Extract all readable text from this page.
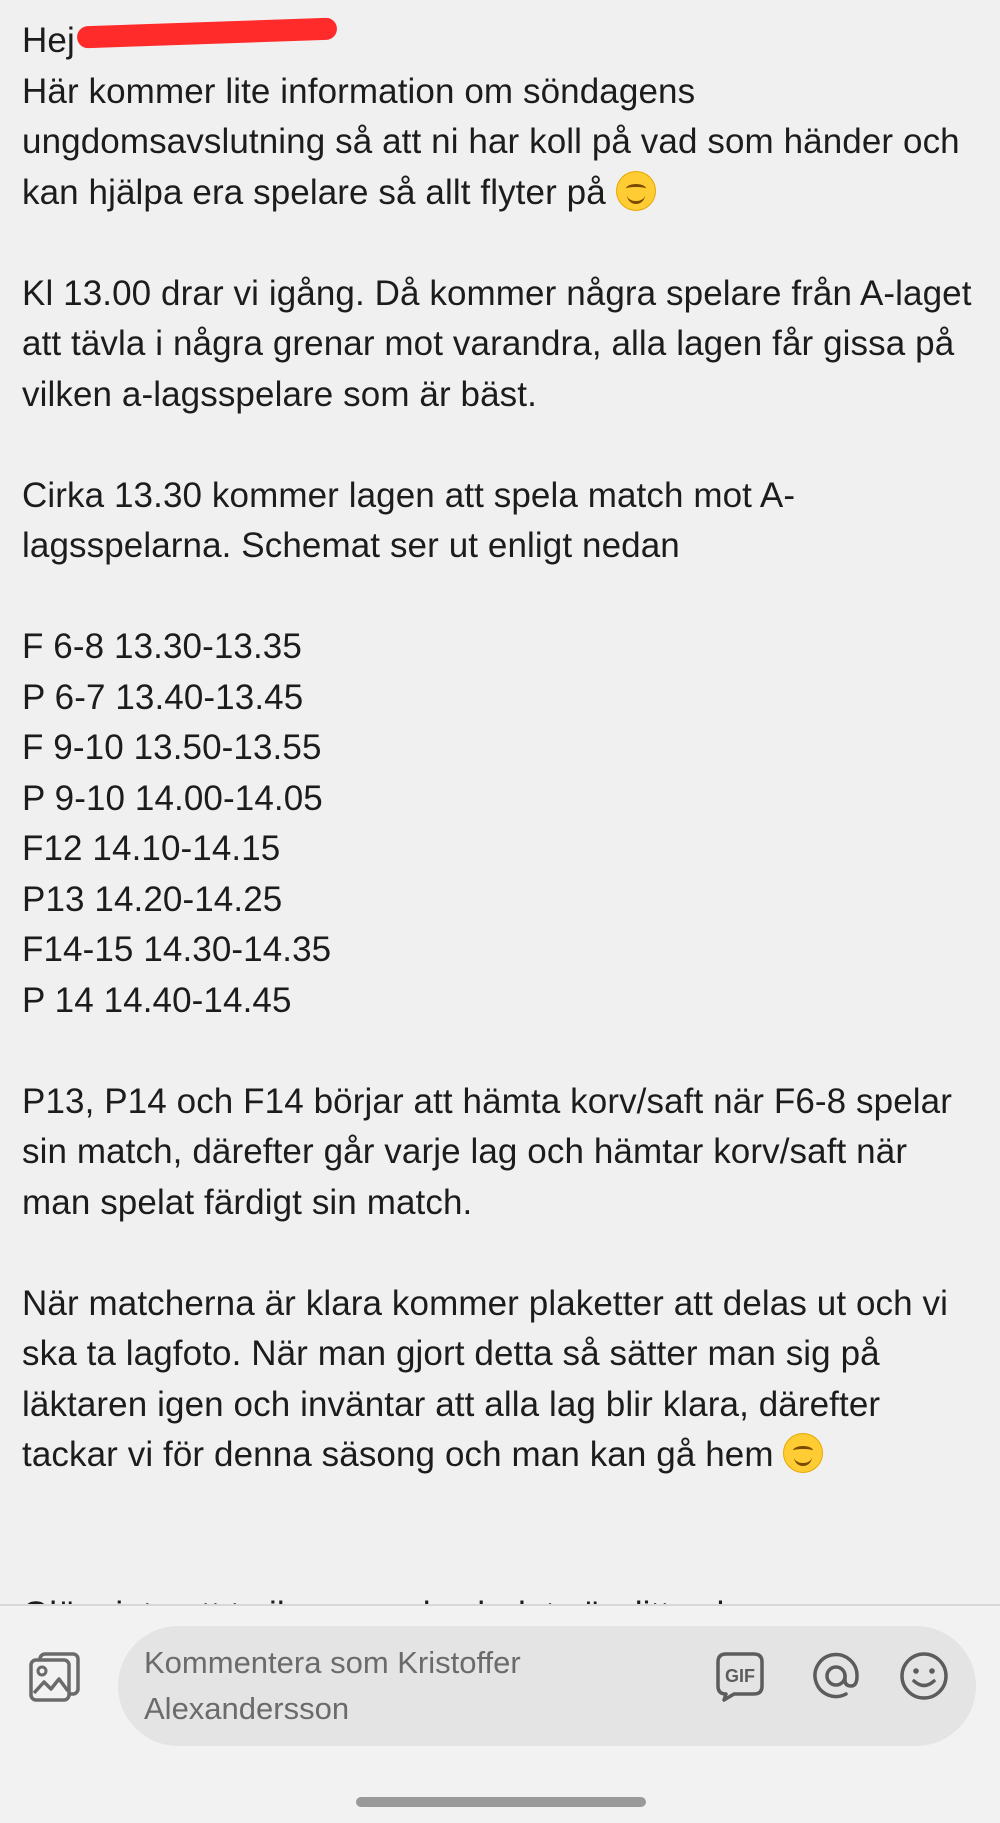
Hej

Här kommer lite information om söndagens ungdomsavslutning så att ni har koll på vad som händer och kan hjälpa era spelare så allt flyter på

Kl 13.00 drar vi igång. Då kommer några spelare från A-laget att tävla i några grenar mot varandra, alla lagen får gissa på vilken a-lagsspelare som är bäst.

Cirka 13.30 kommer lagen att spela match mot A-lagsspelarna. Schemat ser ut enligt nedan

F 6-8 13.30-13.35

P 6-7 13.40-13.45

F 9-10 13.50-13.55

P 9-10 14.00-14.05

F12 14.10-14.15

P13 14.20-14.25

F14-15 14.30-14.35

P 14 14.40-14.45

P13, P14 och F14 börjar att hämta korv/saft när F6-8 spelar sin match, därefter går varje lag och hämtar korv/saft när man spelat färdigt sin match.

När matcherna är klara kommer plaketter att delas ut och vi ska ta lagfoto. När man gjort detta så sätter man sig på läktaren igen och inväntar att alla lag blir klara, därefter tackar vi för denna säsong och man kan gå hem

Kommentera som Kristoffer Alexandersson
GIF
